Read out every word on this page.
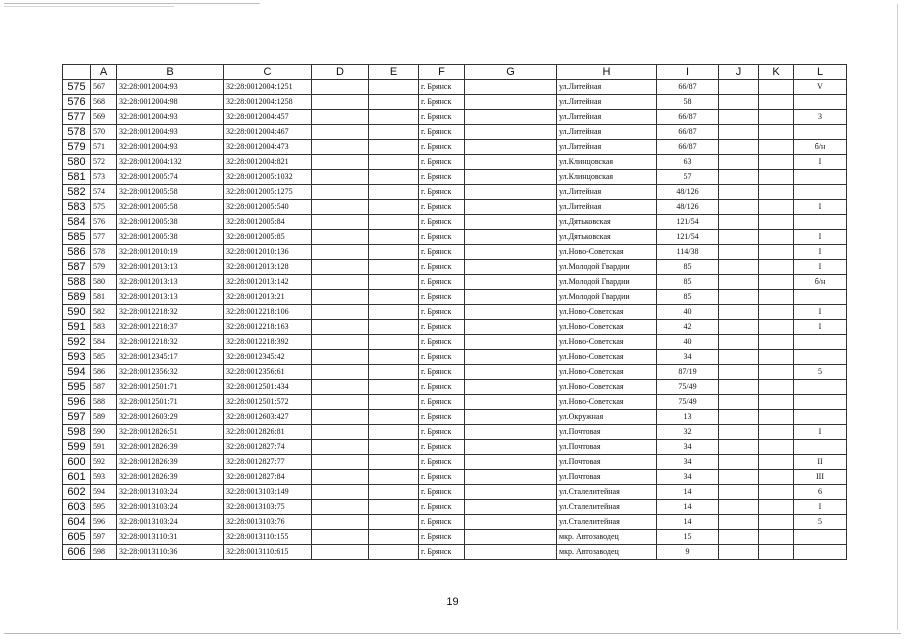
	A	B	C	D	E	F	G	H	I	J	K	L
575	567	32:28:0012004:93	32:28:0012004:1251			г. Брянск		ул.Литейная	66/87			V
576	568	32:28:0012004:98	32:28:0012004:1258			г. Брянск		ул.Литейная	58			
577	569	32:28:0012004:93	32:28:0012004:457			г. Брянск		ул.Литейная	66/87			3
578	570	32:28:0012004:93	32:28:0012004:467			г. Брянск		ул.Литейная	66/87			
579	571	32:28:0012004:93	32:28:0012004:473			г. Брянск		ул.Литейная	66/87			б/н
580	572	32:28:0012004:132	32:28:0012004:821			г. Брянск		ул.Клинцовская	63			I
581	573	32:28:0012005:74	32:28:0012005:1032			г. Брянск		ул.Клинцовская	57			
582	574	32:28:0012005:58	32:28:0012005:1275			г. Брянск		ул.Литейная	48/126			
583	575	32:28:0012005:58	32:28:0012005:540			г. Брянск		ул.Литейная	48/126			I
584	576	32:28:0012005:38	32:28:0012005:84			г. Брянск		ул.Дятьковская	121/54			
585	577	32:28:0012005:38	32:28:0012005:85			г. Брянск		ул.Дятьковская	121/54			I
586	578	32:28:0012010:19	32:28:0012010:136			г. Брянск		ул.Ново-Советская	114/38			I
587	579	32:28:0012013:13	32:28:0012013:128			г. Брянск		ул.Молодой Гвардии	85			I
588	580	32:28:0012013:13	32:28:0012013:142			г. Брянск		ул.Молодой Гвардии	85			б/н
589	581	32:28:0012013:13	32:28:0012013:21			г. Брянск		ул.Молодой Гвардии	85			
590	582	32:28:0012218:32	32:28:0012218:106			г. Брянск		ул.Ново-Советская	40			I
591	583	32:28:0012218:37	32:28:0012218:163			г. Брянск		ул.Ново-Советская	42			I
592	584	32:28:0012218:32	32:28:0012218:392			г. Брянск		ул.Ново-Советская	40			
593	585	32:28:0012345:17	32:28:0012345:42			г. Брянск		ул.Ново-Советская	34			
594	586	32:28:0012356:32	32:28:0012356:61			г. Брянск		ул.Ново-Советская	87/19			5
595	587	32:28:0012501:71	32:28:0012501:434			г. Брянск		ул.Ново-Советская	75/49			
596	588	32:28:0012501:71	32:28:0012501:572			г. Брянск		ул.Ново-Советская	75/49			
597	589	32:28:0012603:29	32:28:0012603:427			г. Брянск		ул.Окружная	13			
598	590	32:28:0012826:51	32:28:0012826:81			г. Брянск		ул.Почтовая	32			I
599	591	32:28:0012826:39	32:28:0012827:74			г. Брянск		ул.Почтовая	34			
600	592	32:28:0012826:39	32:28:0012827:77			г. Брянск		ул.Почтовая	34			II
601	593	32:28:0012826:39	32:28:0012827:84			г. Брянск		ул.Почтовая	34			III
602	594	32:28:0013103:24	32:28:0013103:149			г. Брянск		ул.Сталелитейная	14			6
603	595	32:28:0013103:24	32:28:0013103:75			г. Брянск		ул.Сталелитейная	14			I
604	596	32:28:0013103:24	32:28:0013103:76			г. Брянск		ул.Сталелитейная	14			5
605	597	32:28:0013110:31	32:28:0013110:155			г. Брянск		мкр. Автозаводец	15			
606	598	32:28:0013110:36	32:28:0013110:615			г. Брянск		мкр. Автозаводец	9			
19
